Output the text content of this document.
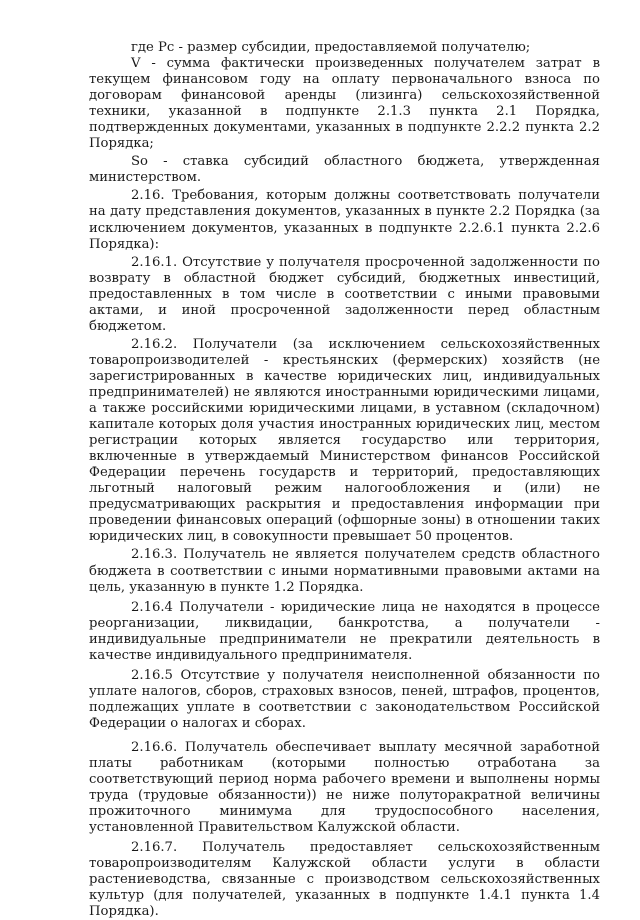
где Рс - размер субсидии, предоставляемой получателю;

V - сумма фактически произведенных получателем затрат в текущем финансовом году на оплату первоначального взноса по договорам финансовой аренды (лизинга) сельскохозяйственной техники, указанной в подпункте 2.1.3 пункта 2.1 Порядка, подтвержденных документами, указанных в подпункте 2.2.2 пункта 2.2 Порядка;

So - ставка субсидий областного бюджета, утвержденная министерством.

2.16. Требования, которым должны соответствовать получатели на дату представления документов, указанных в пункте 2.2 Порядка (за исключением документов, указанных в подпункте 2.2.6.1 пункта 2.2.6 Порядка):

2.16.1. Отсутствие у получателя просроченной задолженности по возврату в областной бюджет субсидий, бюджетных инвестиций, предоставленных в том числе в соответствии с иными правовыми актами, и иной просроченной задолженности перед областным бюджетом.

2.16.2. Получатели (за исключением сельскохозяйственных товаропроизводителей - крестьянских (фермерских) хозяйств (не зарегистрированных в качестве юридических лиц, индивидуальных предпринимателей) не являются иностранными юридическими лицами, а также российскими юридическими лицами, в уставном (складочном) капитале которых доля участия иностранных юридических лиц, местом регистрации которых является государство или территория, включенные в утверждаемый Министерством финансов Российской Федерации перечень государств и территорий, предоставляющих льготный налоговый режим налогообложения и (или) не предусматривающих раскрытия и предоставления информации при проведении финансовых операций (офшорные зоны) в отношении таких юридических лиц, в совокупности превышает 50 процентов.

2.16.3. Получатель не является получателем средств областного бюджета в соответствии с иными нормативными правовыми актами на цель, указанную в пункте 1.2 Порядка.

2.16.4 Получатели - юридические лица не находятся в процессе реорганизации, ликвидации, банкротства, а получатели - индивидуальные предприниматели не прекратили деятельность в качестве индивидуального предпринимателя.

2.16.5 Отсутствие у получателя неисполненной обязанности по уплате налогов, сборов, страховых взносов, пеней, штрафов, процентов, подлежащих уплате в соответствии с законодательством Российской Федерации о налогах и сборах.

2.16.6. Получатель обеспечивает выплату месячной заработной платы работникам (которыми полностью отработана за соответствующий период норма рабочего времени и выполнены нормы труда (трудовые обязанности)) не ниже полуторакратной величины прожиточного минимума для трудоспособного населения, установленной Правительством Калужской области.

2.16.7. Получатель предоставляет сельскохозяйственным товаропроизводителям Калужской области услуги в области растениеводства, связанные с производством сельскохозяйственных культур (для получателей, указанных в подпункте 1.4.1 пункта 1.4 Порядка).
